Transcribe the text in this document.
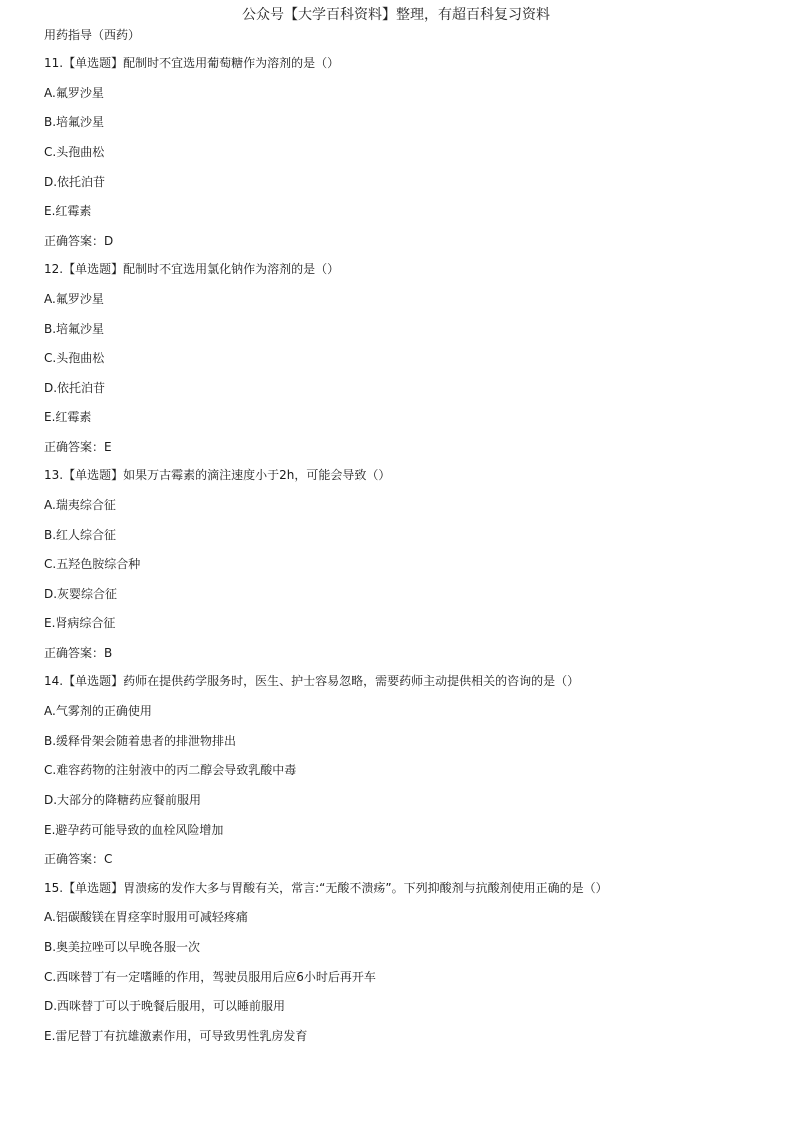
公众号【大学百科资料】整理，有超百科复习资料
用药指导（西药）
11.【单选题】配制时不宜选用葡萄糖作为溶剂的是（）
A.氟罗沙星
B.培氟沙星
C.头孢曲松
D.依托泊苷
E.红霉素
正确答案：D
12.【单选题】配制时不宜选用氯化钠作为溶剂的是（）
A.氟罗沙星
B.培氟沙星
C.头孢曲松
D.依托泊苷
E.红霉素
正确答案：E
13.【单选题】如果万古霉素的滴注速度小于2h，可能会导致（）
A.瑞夷综合征
B.红人综合征
C.五羟色胺综合种
D.灰婴综合征
E.肾病综合征
正确答案：B
14.【单选题】药师在提供药学服务时，医生、护士容易忽略，需要药师主动提供相关的咨询的是（）
A.气雾剂的正确使用
B.缓释骨架会随着患者的排泄物排出
C.难容药物的注射液中的丙二醇会导致乳酸中毒
D.大部分的降糖药应餐前服用
E.避孕药可能导致的血栓风险增加
正确答案：C
15.【单选题】胃溃疡的发作大多与胃酸有关，常言:“无酸不溃疡”。下列抑酸剂与抗酸剂使用正确的是（）
A.铝碳酸镁在胃痉挛时服用可减轻疼痛
B.奥美拉唑可以早晚各服一次
C.西咪替丁有一定嗜睡的作用，驾驶员服用后应6小时后再开车
D.西咪替丁可以于晚餐后服用，可以睡前服用
E.雷尼替丁有抗雄激素作用，可导致男性乳房发育
